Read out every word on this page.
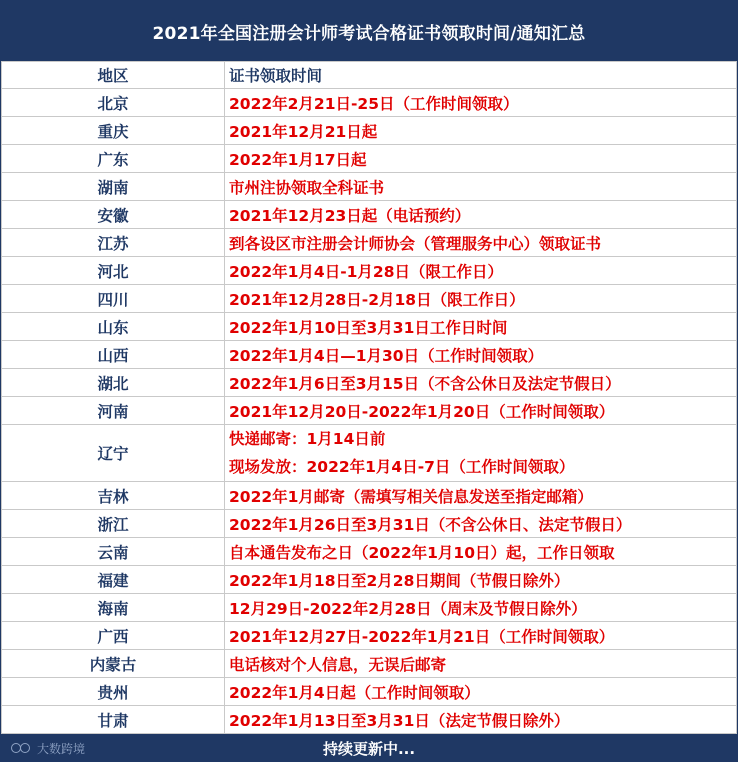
2021年全国注册会计师考试合格证书领取时间/通知汇总
地区	证书领取时间
北京	2022年2月21日-25日（工作时间领取）
重庆	2021年12月21日起
广东	2022年1月17日起
湖南	市州注协领取全科证书
安徽	2021年12月23日起（电话预约）
江苏	到各设区市注册会计师协会（管理服务中心）领取证书
河北	2022年1月4日-1月28日（限工作日）
四川	2021年12月28日-2月18日（限工作日）
山东	2022年1月10日至3月31日工作日时间
山西	2022年1月4日—1月30日（工作时间领取）
湖北	2022年1月6日至3月15日（不含公休日及法定节假日）
河南	2021年12月20日-2022年1月20日（工作时间领取）
辽宁	快递邮寄：1月14日前
现场发放：2022年1月4日-7日（工作时间领取）

吉林	2022年1月邮寄（需填写相关信息发送至指定邮箱）
浙江	2022年1月26日至3月31日（不含公休日、法定节假日）
云南	自本通告发布之日（2022年1月10日）起，工作日领取
福建	2022年1月18日至2月28日期间（节假日除外）
海南	12月29日-2022年2月28日（周末及节假日除外）
广西	2021年12月27日-2022年1月21日（工作时间领取）
内蒙古	电话核对个人信息，无误后邮寄
贵州	2022年1月4日起（工作时间领取）
甘肃	2022年1月13日至3月31日（法定节假日除外）
持续更新中...
大数跨境
